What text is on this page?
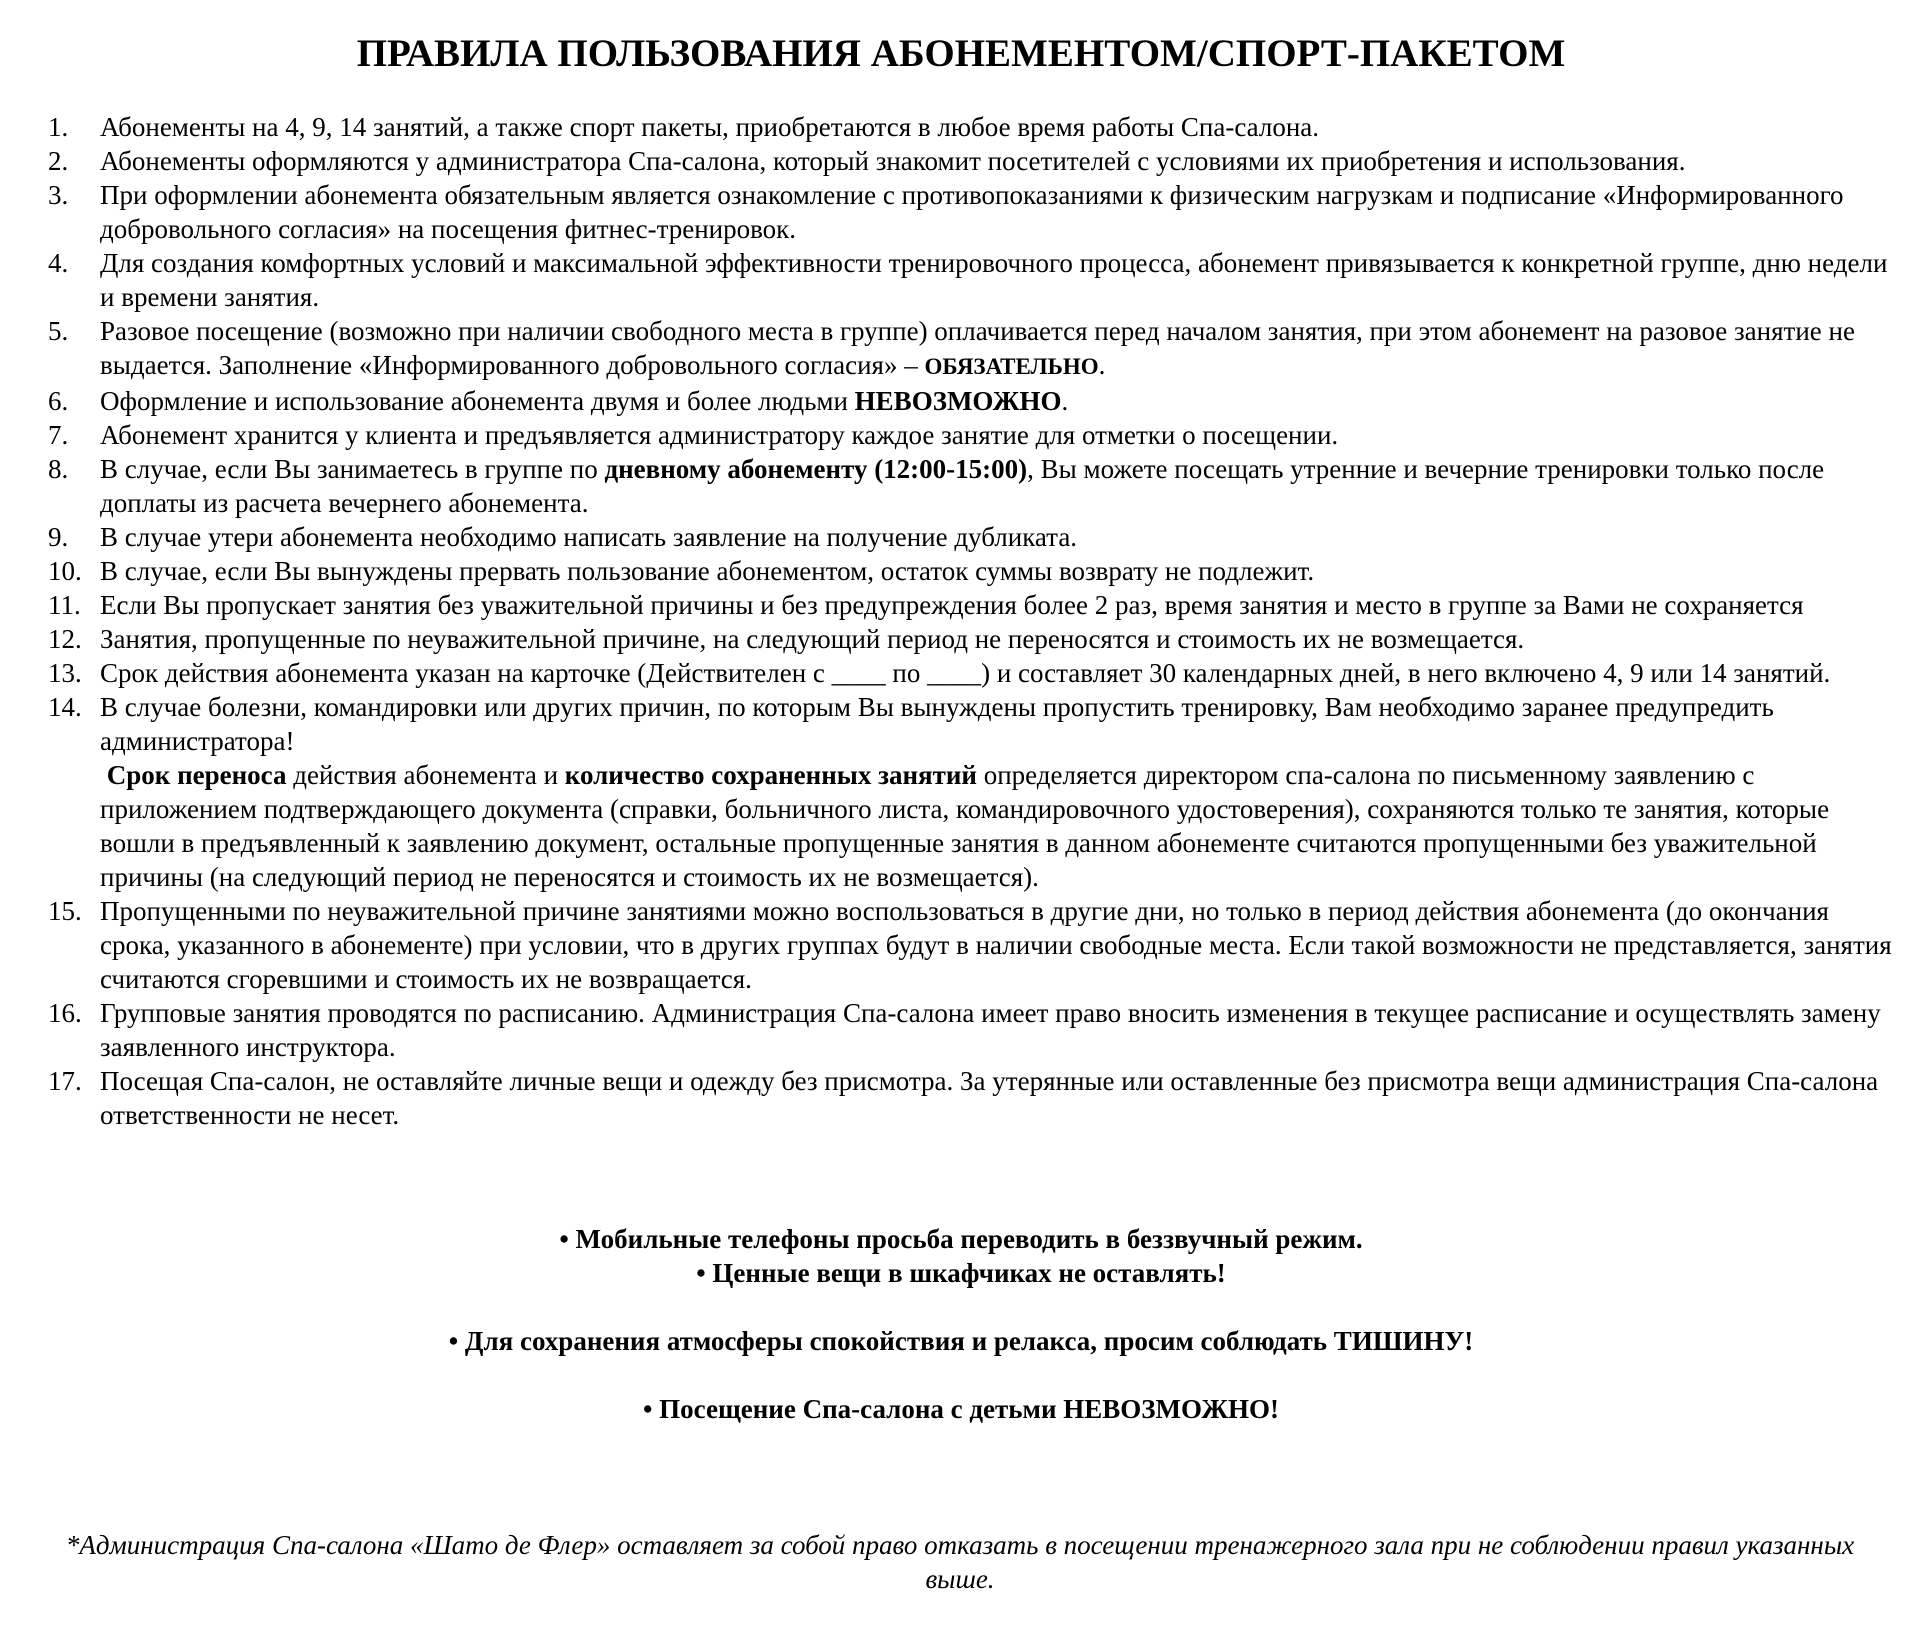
ПРАВИЛА ПОЛЬЗОВАНИЯ АБОНЕМЕНТОМ/СПОРТ-ПАКЕТОМ
1.	Абонементы на 4, 9, 14 занятий, а также спорт пакеты, приобретаются в любое время работы Спа-салона.
2.	Абонементы оформляются у администратора Спа-салона, который знакомит посетителей с условиями их приобретения и использования.
3.	При оформлении абонемента обязательным является ознакомление с противопоказаниями к физическим нагрузкам и подписание «Информированного добровольного согласия» на посещения фитнес-тренировок.
4.	Для создания комфортных условий и максимальной эффективности тренировочного процесса, абонемент привязывается к конкретной группе, дню недели и времени занятия.
5.	Разовое посещение (возможно при наличии свободного места в группе) оплачивается перед началом занятия, при этом абонемент на разовое занятие не выдается. Заполнение «Информированного добровольного согласия» – ОБЯЗАТЕЛЬНО.
6.	Оформление и использование абонемента двумя и более людьми НЕВОЗМОЖНО.
7.	Абонемент хранится у клиента и предъявляется администратору каждое занятие для отметки о посещении.
8.	В случае, если Вы занимаетесь в группе по дневному абонементу (12:00-15:00), Вы можете посещать утренние и вечерние тренировки только после доплаты из расчета вечернего абонемента.
9.	В случае утери абонемента необходимо написать заявление на получение дубликата.
10. В случае, если Вы вынуждены прервать пользование абонементом, остаток суммы возврату не подлежит.
11. Если Вы пропускает занятия без уважительной причины и без предупреждения более 2 раз, время занятия и место в группе за Вами не сохраняется
12. Занятия, пропущенные по неуважительной причине, на следующий период не переносятся и стоимость их не возмещается.
13. Срок действия абонемента указан на карточке (Действителен с ____ по ____) и составляет 30 календарных дней, в него включено 4, 9 или 14 занятий.
14. В случае болезни, командировки или других причин, по которым Вы вынуждены пропустить тренировку, Вам необходимо заранее предупредить администратора!
Срок переноса действия абонемента и количество сохраненных занятий определяется директором спа-салона по письменному заявлению с приложением подтверждающего документа (справки, больничного листа, командировочного удостоверения), сохраняются только те занятия, которые вошли в предъявленный к заявлению документ, остальные пропущенные занятия в данном абонементе считаются пропущенными без уважительной причины (на следующий период не переносятся и стоимость их не возмещается).
15. Пропущенными по неуважительной причине занятиями можно воспользоваться в другие дни, но только в период действия абонемента (до окончания срока, указанного в абонементе) при условии, что в других группах будут в наличии свободные места. Если такой возможности не представляется, занятия считаются сгоревшими и стоимость их не возвращается.
16. Групповые занятия проводятся по расписанию. Администрация Спа-салона имеет право вносить изменения в текущее расписание и осуществлять замену заявленного инструктора.
17. Посещая Спа-салон, не оставляйте личные вещи и одежду без присмотра. За утерянные или оставленные без присмотра вещи администрация Спа-салона ответственности не несет.
• Мобильные телефоны просьба переводить в беззвучный режим.
• Ценные вещи в шкафчиках не оставлять!
• Для сохранения атмосферы спокойствия и релакса, просим соблюдать ТИШИНУ!
• Посещение Спа-салона с детьми НЕВОЗМОЖНО!
*Администрация Спа-салона «Шато де Флер» оставляет за собой право отказать в посещении тренажерного зала при не соблюдении правил указанных выше.
